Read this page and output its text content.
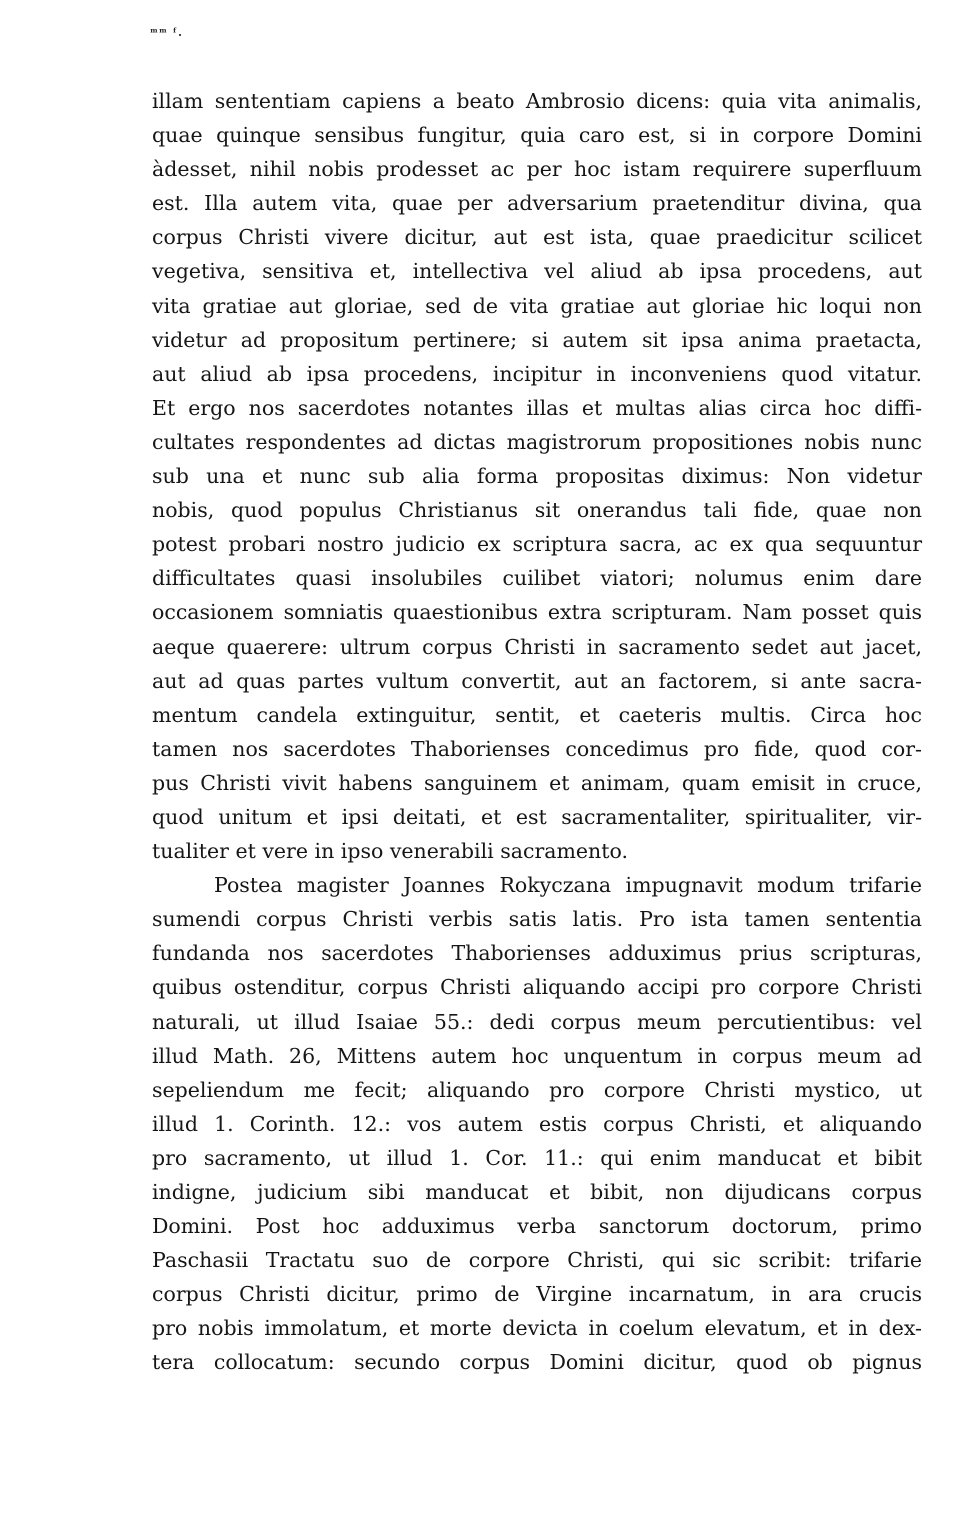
ᵐᵐ ᶠ.
illam sententiam capiens a beato Ambrosio dicens: quia vita animalis,
quae quinque sensibus fungitur, quia caro est, si in corpore Domini
àdesset, nihil nobis prodesset ac per hoc istam requirere superfluum
est. Illa autem vita, quae per adversarium praetenditur divina, qua
corpus Christi vivere dicitur, aut est ista, quae praedicitur scilicet
vegetiva, sensitiva et, intellectiva vel aliud ab ipsa procedens, aut
vita gratiae aut gloriae, sed de vita gratiae aut gloriae hic loqui non
videtur ad propositum pertinere; si autem sit ipsa anima praetacta,
aut aliud ab ipsa procedens, incipitur in inconveniens quod vitatur.
Et ergo nos sacerdotes notantes illas et multas alias circa hoc diffi-
cultates respondentes ad dictas magistrorum propositiones nobis nunc
sub una et nunc sub alia forma propositas diximus: Non videtur
nobis, quod populus Christianus sit onerandus tali fide, quae non
potest probari nostro judicio ex scriptura sacra, ac ex qua sequuntur
difficultates quasi insolubiles cuilibet viatori; nolumus enim dare
occasionem somniatis quaestionibus extra scripturam. Nam posset quis
aeque quaerere: ultrum corpus Christi in sacramento sedet aut jacet,
aut ad quas partes vultum convertit, aut an factorem, si ante sacra-
mentum candela extinguitur, sentit, et caeteris multis. Circa hoc
tamen nos sacerdotes Thaborienses concedimus pro fide, quod cor-
pus Christi vivit habens sanguinem et animam, quam emisit in cruce,
quod unitum et ipsi deitati, et est sacramentaliter, spiritualiter, vir-
tualiter et vere in ipso venerabili sacramento.
Postea magister Joannes Rokyczana impugnavit modum trifarie
sumendi corpus Christi verbis satis latis. Pro ista tamen sententia
fundanda nos sacerdotes Thaborienses adduximus prius scripturas,
quibus ostenditur, corpus Christi aliquando accipi pro corpore Christi
naturali, ut illud Isaiae 55.: dedi corpus meum percutientibus: vel
illud Math. 26, Mittens autem hoc unquentum in corpus meum ad
sepeliendum me fecit; aliquando pro corpore Christi mystico, ut
illud 1. Corinth. 12.: vos autem estis corpus Christi, et aliquando
pro sacramento, ut illud 1. Cor. 11.: qui enim manducat et bibit
indigne, judicium sibi manducat et bibit, non dijudicans corpus
Domini. Post hoc adduximus verba sanctorum doctorum, primo
Paschasii Tractatu suo de corpore Christi, qui sic scribit: trifarie
corpus Christi dicitur, primo de Virgine incarnatum, in ara crucis
pro nobis immolatum, et morte devicta in coelum elevatum, et in dex-
tera collocatum: secundo corpus Domini dicitur, quod ob pignus
